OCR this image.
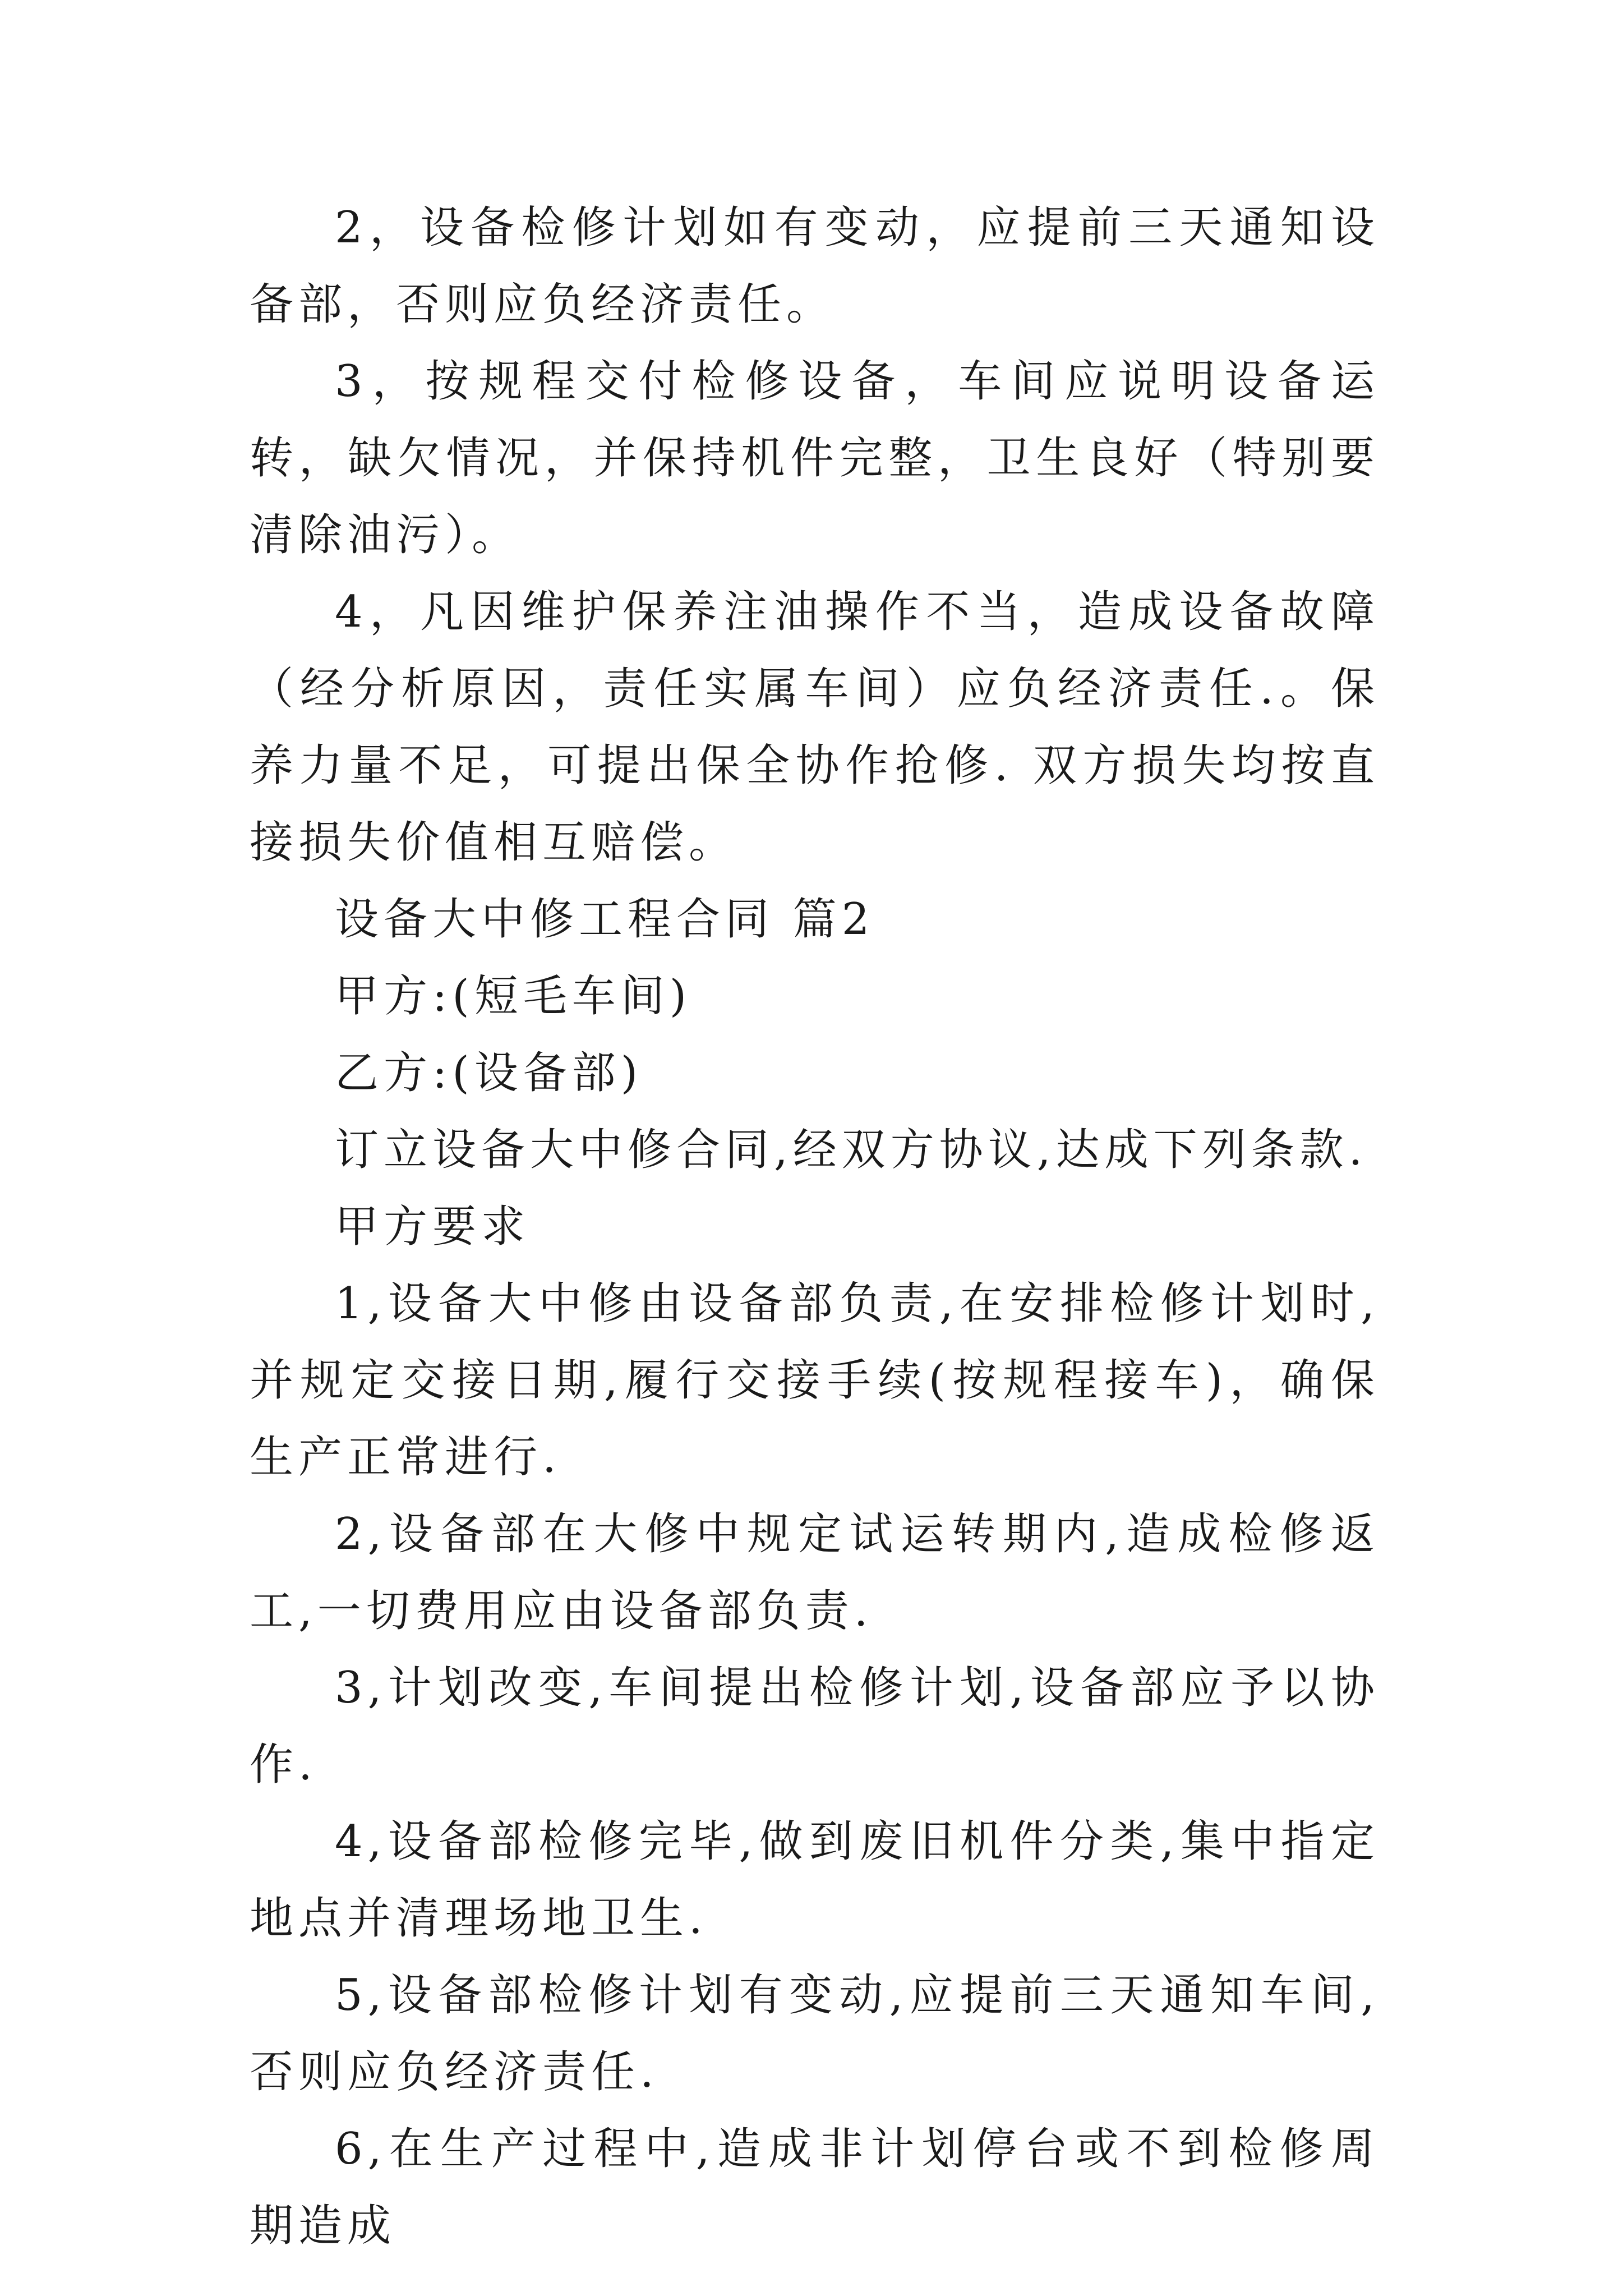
2，设备检修计划如有变动，应提前三天通知设备部，否则应负经济责任。

3，按规程交付检修设备，车间应说明设备运转，缺欠情况，并保持机件完整，卫生良好（特别要清除油污）。

4，凡因维护保养注油操作不当，造成设备故障（经分析原因，责任实属车间）应负经济责任.。保养力量不足，可提出保全协作抢修. 双方损失均按直接损失价值相互赔偿。

设备大中修工程合同 篇2

甲方:(短毛车间)

乙方:(设备部)

订立设备大中修合同,经双方协议,达成下列条款.

甲方要求

1,设备大中修由设备部负责,在安排检修计划时,并规定交接日期,履行交接手续(按规程接车)，确保生产正常进行.

2,设备部在大修中规定试运转期内,造成检修返工,一切费用应由设备部负责.

3,计划改变,车间提出检修计划,设备部应予以协作.

4,设备部检修完毕,做到废旧机件分类,集中指定地点并清理场地卫生.

5,设备部检修计划有变动,应提前三天通知车间,否则应负经济责任.

6,在生产过程中,造成非计划停台或不到检修周期造成
